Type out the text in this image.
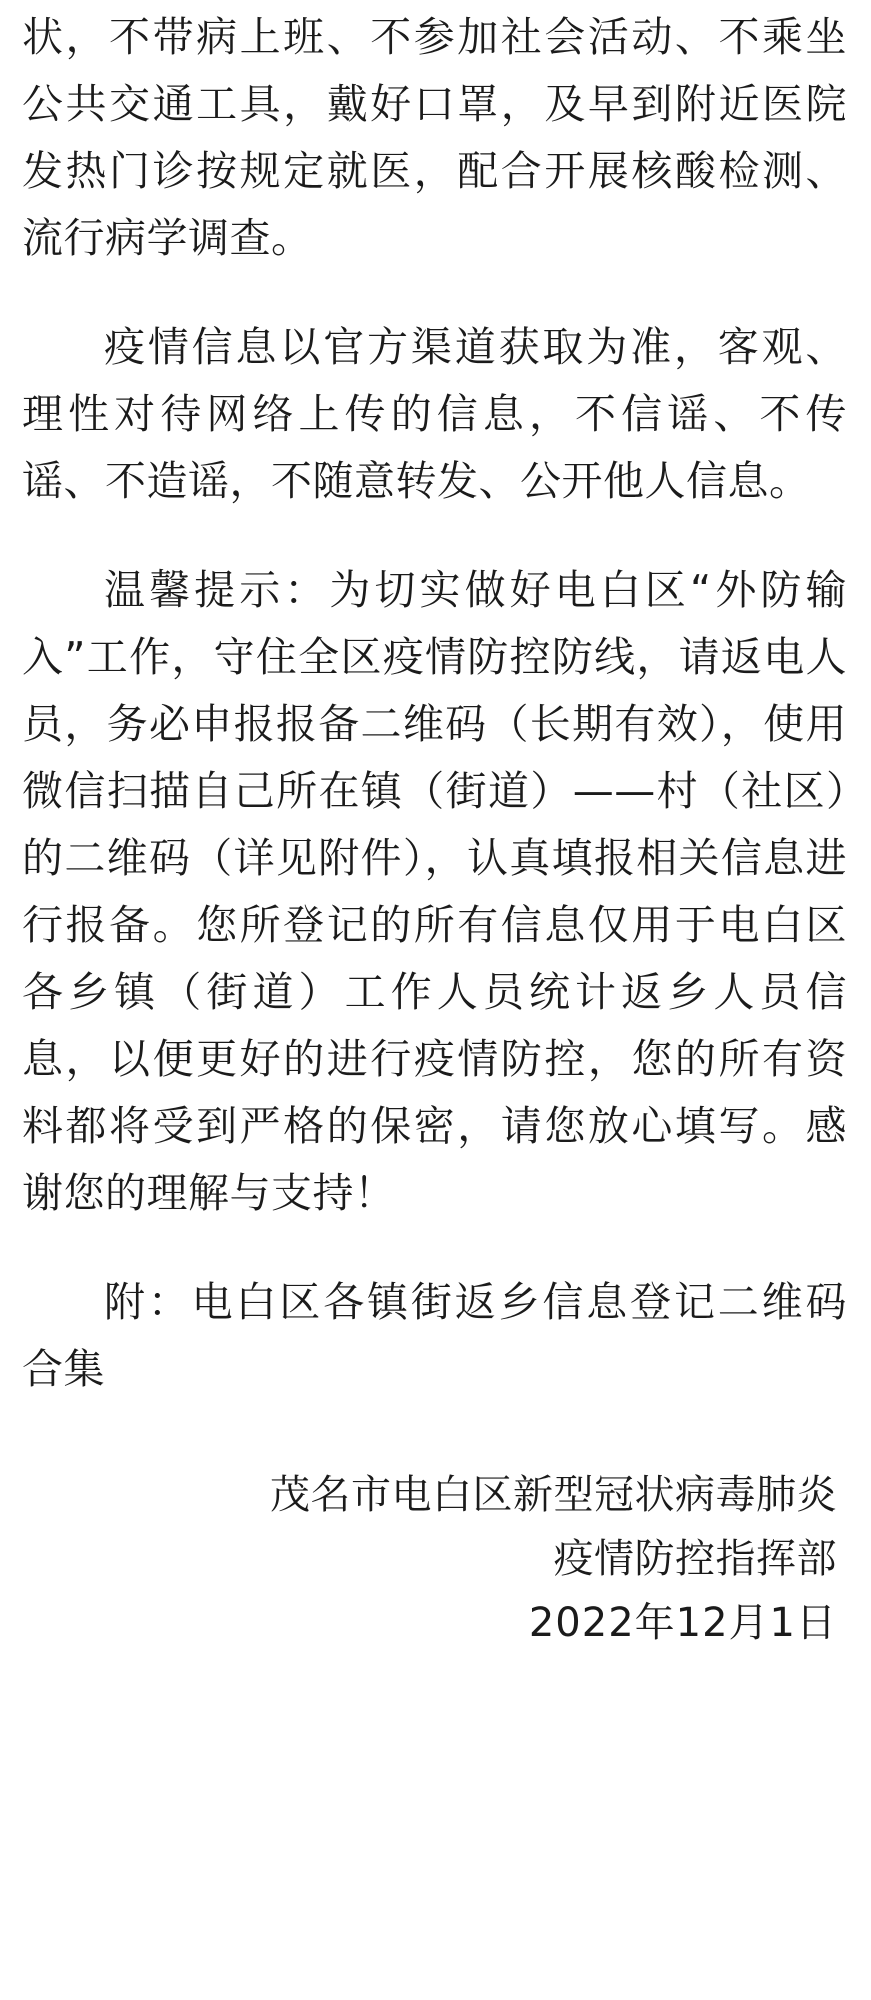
状，不带病上班、不参加社会活动、不乘坐公共交通工具，戴好口罩，及早到附近医院发热门诊按规定就医，配合开展核酸检测、流行病学调查。

疫情信息以官方渠道获取为准，客观、理性对待网络上传的信息，不信谣、不传谣、不造谣，不随意转发、公开他人信息。

温馨提示：为切实做好电白区“外防输入”工作，守住全区疫情防控防线，请返电人员，务必申报报备二维码（长期有效），使用微信扫描自己所在镇（街道）——村（社区）的二维码（详见附件），认真填报相关信息进行报备。您所登记的所有信息仅用于电白区各乡镇（街道）工作人员统计返乡人员信息，以便更好的进行疫情防控，您的所有资料都将受到严格的保密，请您放心填写。感谢您的理解与支持！

附：电白区各镇街返乡信息登记二维码合集

茂名市电白区新型冠状病毒肺炎
疫情防控指挥部
2022年12月1日
